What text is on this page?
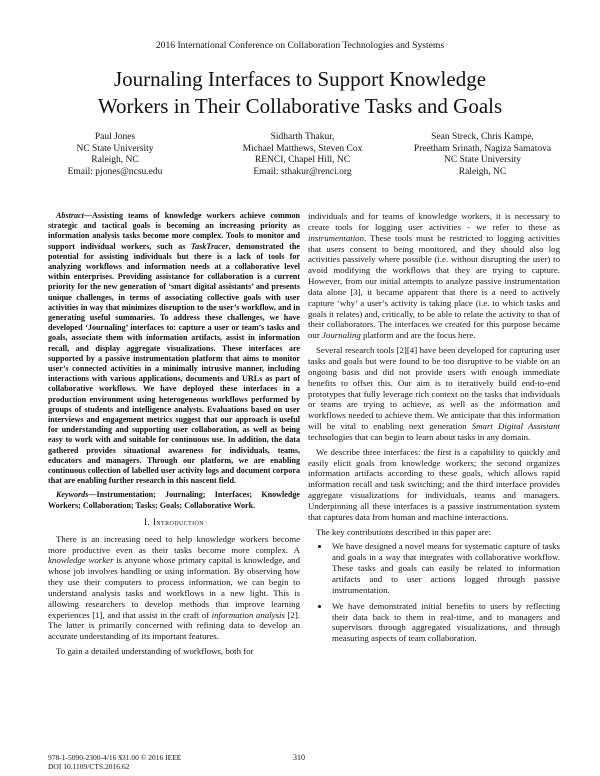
2016 International Conference on Collaboration Technologies and Systems
Journaling Interfaces to Support Knowledge
Workers in Their Collaborative Tasks and Goals
Paul Jones
NC State University
Raleigh, NC
Email: pjones@ncsu.edu
Sidharth Thakur,
Michael Matthews, Steven Cox
RENCI, Chapel Hill, NC
Email: sthakur@renci.org
Sean Streck, Chris Kampe,
Preetham Srinath, Nagiza Samatova
NC State University
Raleigh, NC

Abstract—Assisting teams of knowledge workers achieve common strategic and tactical goals is becoming an increasing priority as information analysis tasks become more complex. Tools to monitor and support individual workers, such as TaskTracer, demonstrated the potential for assisting individuals but there is a lack of tools for analyzing workflows and information needs at a collaborative level within enterprises. Providing assistance for collaboration is a current priority for the new generation of ‘smart digital assistants’ and presents unique challenges, in terms of associating collective goals with user activities in way that minimizes disruption to the user’s workflow, and in generating useful summaries. To address these challenges, we have developed ‘Journaling’ interfaces to: capture a user or team’s tasks and goals, associate them with information artifacts, assist in information recall, and display aggregate visualizations. These interfaces are supported by a passive instrumentation platform that aims to monitor user’s connected activities in a minimally intrusive manner, including interactions with various applications, documents and URLs as part of collaborative workflows. We have deployed these interfaces in a production environment using heterogeneous workflows performed by groups of students and intelligence analysts. Evaluations based on user interviews and engagement metrics suggest that our approach is useful for understanding and supporting user collaboration, as well as being easy to work with and suitable for continuous use. In addition, the data gathered provides situational awareness for individuals, teams, educators and managers. Through our platform, we are enabling continuous collection of labelled user activity logs and document corpora that are enabling further research in this nascent field.

Keywords—Instrumentation; Journaling; Interfaces; Knowledge Workers; Collaboration; Tasks; Goals; Collaborative Work.

I. Introduction

There is an increasing need to help knowledge workers become more productive even as their tasks become more complex. A knowledge worker is anyone whose primary capital is knowledge, and whose job involves handling or using information. By observing how they use their computers to process information, we can begin to understand analysis tasks and workflows in a new light. This is allowing researchers to develop methods that improve learning experiences [1], and that assist in the craft of information analysis [2]. The latter is primarily concerned with refining data to develop an accurate understanding of its important features.

To gain a detailed understanding of workflows, both for

individuals and for teams of knowledge workers, it is necessary to create tools for logging user activities - we refer to these as instrumentation. These tools must be restricted to logging activities that users consent to being monitored, and they should also log activities passively where possible (i.e. without disrupting the user) to avoid modifying the workflows that they are trying to capture. However, from our initial attempts to analyze passive instrumentation data alone [3], it became apparent that there is a need to actively capture ‘why’ a user’s activity is taking place (i.e. to which tasks and goals it relates) and, critically, to be able to relate the activity to that of their collaborators. The interfaces we created for this purpose became our Journaling platform and are the focus here.

Several research tools [2][4] have been developed for capturing user tasks and goals but were found to be too disruptive to be viable on an ongoing basis and did not provide users with enough immediate benefits to offset this. Our aim is to iteratively build end-to-end prototypes that fully leverage rich context on the tasks that individuals or teams are trying to achieve, as well as the information and workflows needed to achieve them. We anticipate that this information will be vital to enabling next generation Smart Digital Assistant technologies that can begin to learn about tasks in any domain.

We describe three interfaces: the first is a capability to quickly and easily elicit goals from knowledge workers; the second organizes information artifacts according to these goals, which allows rapid information recall and task switching; and the third interface provides aggregate visualizations for individuals, teams and managers. Underpinning all these interfaces is a passive instrumentation system that captures data from human and machine interactions.

The key contributions described in this paper are:

• We have designed a novel means for systematic capture of tasks and goals in a way that integrates with collaborative workflow. These tasks and goals can easily be related to information artifacts and to user actions logged through passive instrumentation.
• We have demonstrated initial benefits to users by reflecting their data back to them in real-time, and to managers and supervisors through aggregated visualizations, and through measuring aspects of team collaboration.
978-1-5090-2300-4/16 $31.00 © 2016 IEEE
DOI 10.1109/CTS.2016.62
310
